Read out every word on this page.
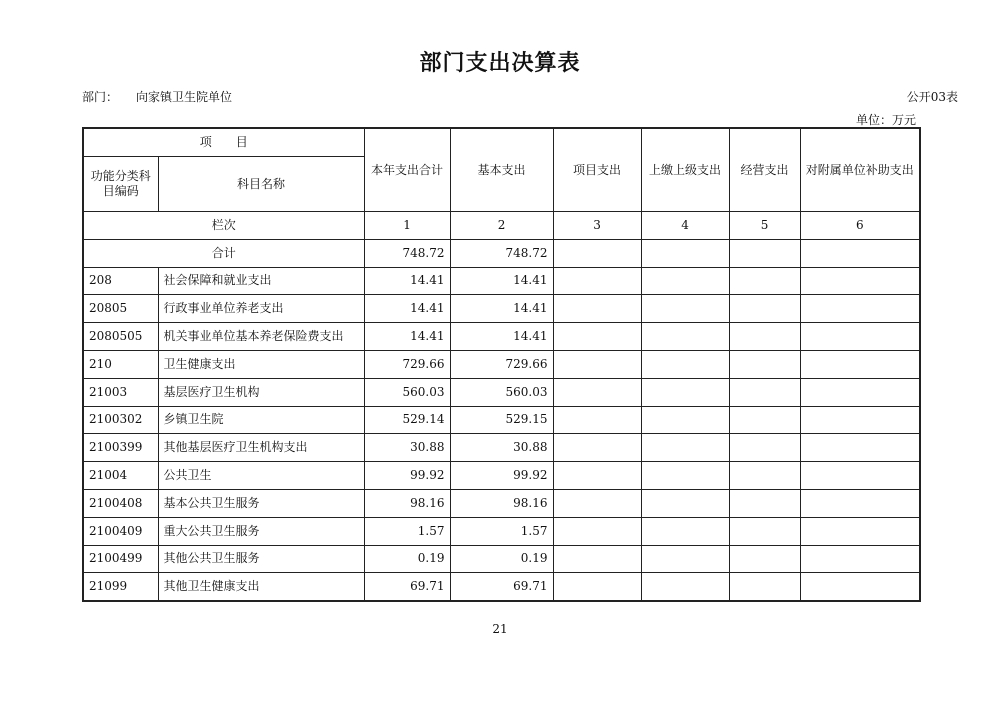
部门支出决算表
部门： 向家镇卫生院单位	公开03表
单位：万元
项　　目		本年支出合计	基本支出	项目支出	上缴上级支出	经营支出	对附属单位补助支出
功能分类科目编码	科目名称						
栏次		1	2	3	4	5	6
合计		748.72	748.72				
208	社会保障和就业支出	14.41	14.41				
20805	行政事业单位养老支出	14.41	14.41				
2080505	机关事业单位基本养老保险费支出	14.41	14.41				
210	卫生健康支出	729.66	729.66				
21003	基层医疗卫生机构	560.03	560.03				
2100302	乡镇卫生院	529.14	529.15				
2100399	其他基层医疗卫生机构支出	30.88	30.88				
21004	公共卫生	99.92	99.92				
2100408	基本公共卫生服务	98.16	98.16				
2100409	重大公共卫生服务	1.57	1.57				
2100499	其他公共卫生服务	0.19	0.19				
21099	其他卫生健康支出	69.71	69.71				
21
